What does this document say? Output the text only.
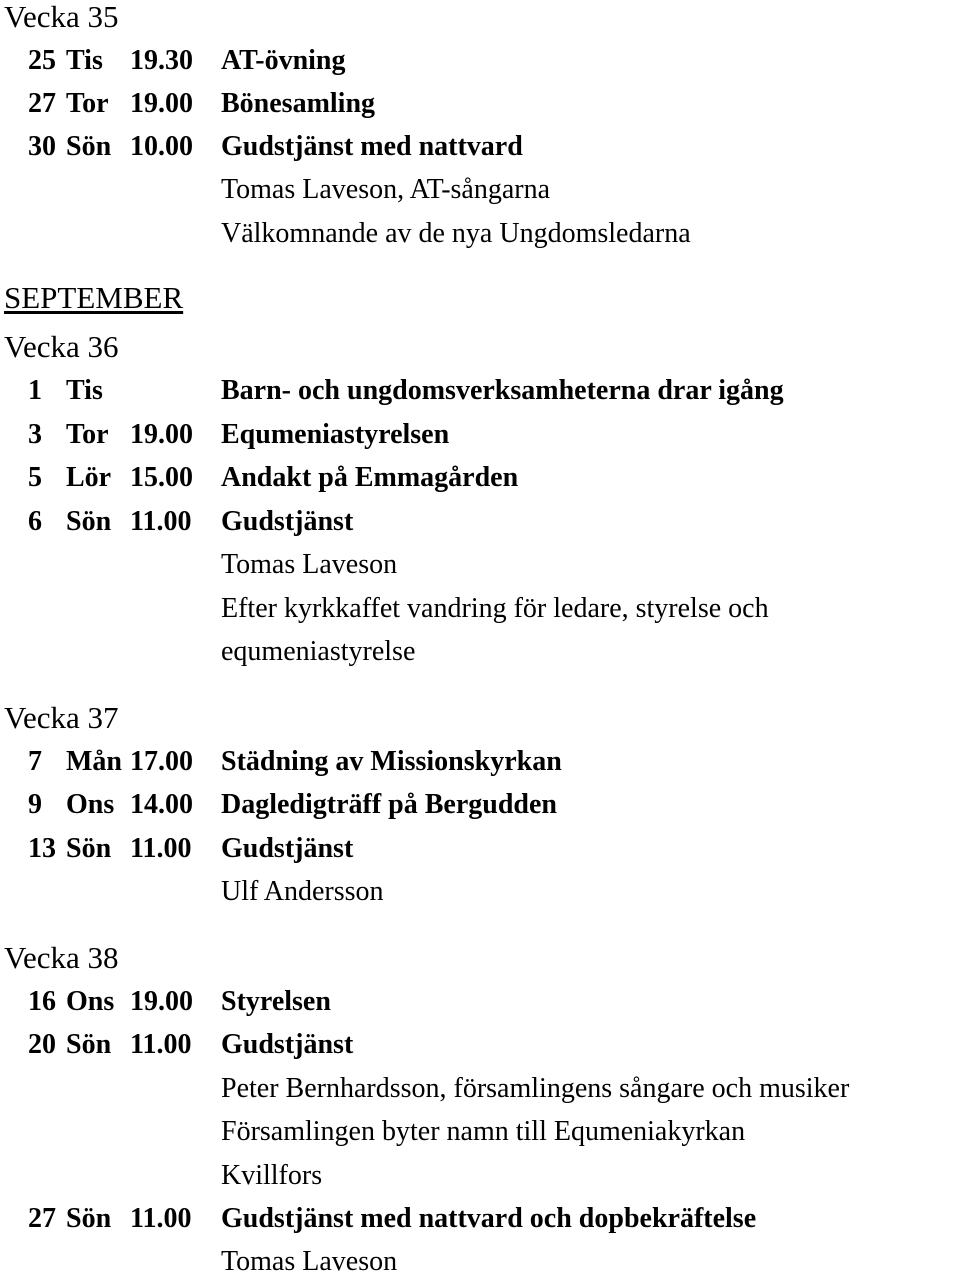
Vecka 35
25 Tis 19.30 AT-övning
27 Tor 19.00 Bönesamling
30 Sön 10.00 Gudstjänst med nattvard
Tomas Laveson, AT-sångarna
Välkomnande av de nya Ungdomsledarna
SEPTEMBER
Vecka 36
1 Tis	Barn- och ungdomsverksamheterna drar igång
3 Tor 19.00 Equmeniastyrelsen
5 Lör 15.00 Andakt på Emmagården
6 Sön 11.00 Gudstjänst
Tomas Laveson
Efter kyrkkaffet vandring för ledare, styrelse och
equmeniastyrelse
Vecka 37
7 Mån 17.00 Städning av Missionskyrkan
9 Ons 14.00 Dagledigträff på Bergudden
13 Sön 11.00 Gudstjänst
Ulf Andersson
Vecka 38
16 Ons 19.00 Styrelsen
20 Sön 11.00 Gudstjänst
Peter Bernhardsson, församlingens sångare och musiker
Församlingen byter namn till Equmeniakyrkan
Kvillfors
27 Sön 11.00 Gudstjänst med nattvard och dopbekräftelse
Tomas Laveson
